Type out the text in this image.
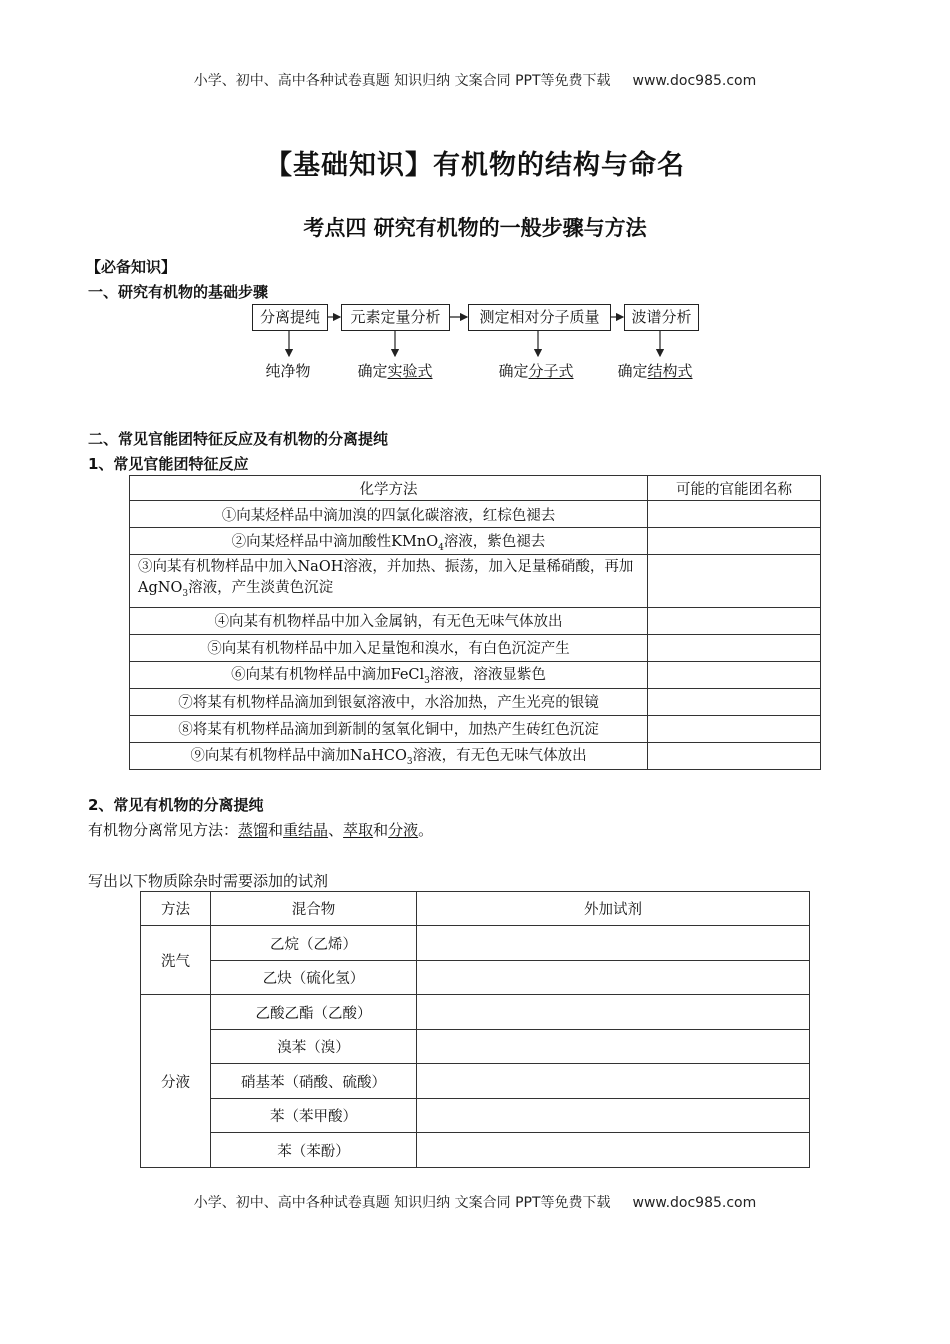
小学、初中、高中各种试卷真题 知识归纳 文案合同 PPT等免费下载 www.doc985.com
【基础知识】有机物的结构与命名
考点四 研究有机物的一般步骤与方法
【必备知识】
一、研究有机物的基础步骤
分离提纯	元素定量分析	测定相对分子质量	波谱分析
纯净物	确定实验式	确定分子式	确定结构式
二、常见官能团特征反应及有机物的分离提纯
1、常见官能团特征反应
化学方法	可能的官能团名称
①向某烃样品中滴加溴的四氯化碳溶液，红棕色褪去	
②向某烃样品中滴加酸性KMnO$_4$溶液，紫色褪去	
③向某有机物样品中加入NaOH溶液，并加热、振荡，加入足量稀硝酸，再加AgNO$_3$溶液，产生淡黄色沉淀	
④向某有机物样品中加入金属钠，有无色无味气体放出	
⑤向某有机物样品中加入足量饱和溴水，有白色沉淀产生	
⑥向某有机物样品中滴加FeCl$_3$溶液，溶液显紫色	
⑦将某有机物样品滴加到银氨溶液中，水浴加热，产生光亮的银镜	
⑧将某有机物样品滴加到新制的氢氧化铜中，加热产生砖红色沉淀	
⑨向某有机物样品中滴加NaHCO$_3$溶液，有无色无味气体放出	
2、常见有机物的分离提纯
有机物分离常见方法：蒸馏和重结晶、萃取和分液。
写出以下物质除杂时需要添加的试剂
方法	混合物	外加试剂
洗气	乙烷（乙烯）	
	乙炔（硫化氢）	
分液	乙酸乙酯（乙酸）	
	溴苯（溴）	
	硝基苯（硝酸、硫酸）	
	苯（苯甲酸）	
	苯（苯酚）	
小学、初中、高中各种试卷真题 知识归纳 文案合同 PPT等免费下载 www.doc985.com
